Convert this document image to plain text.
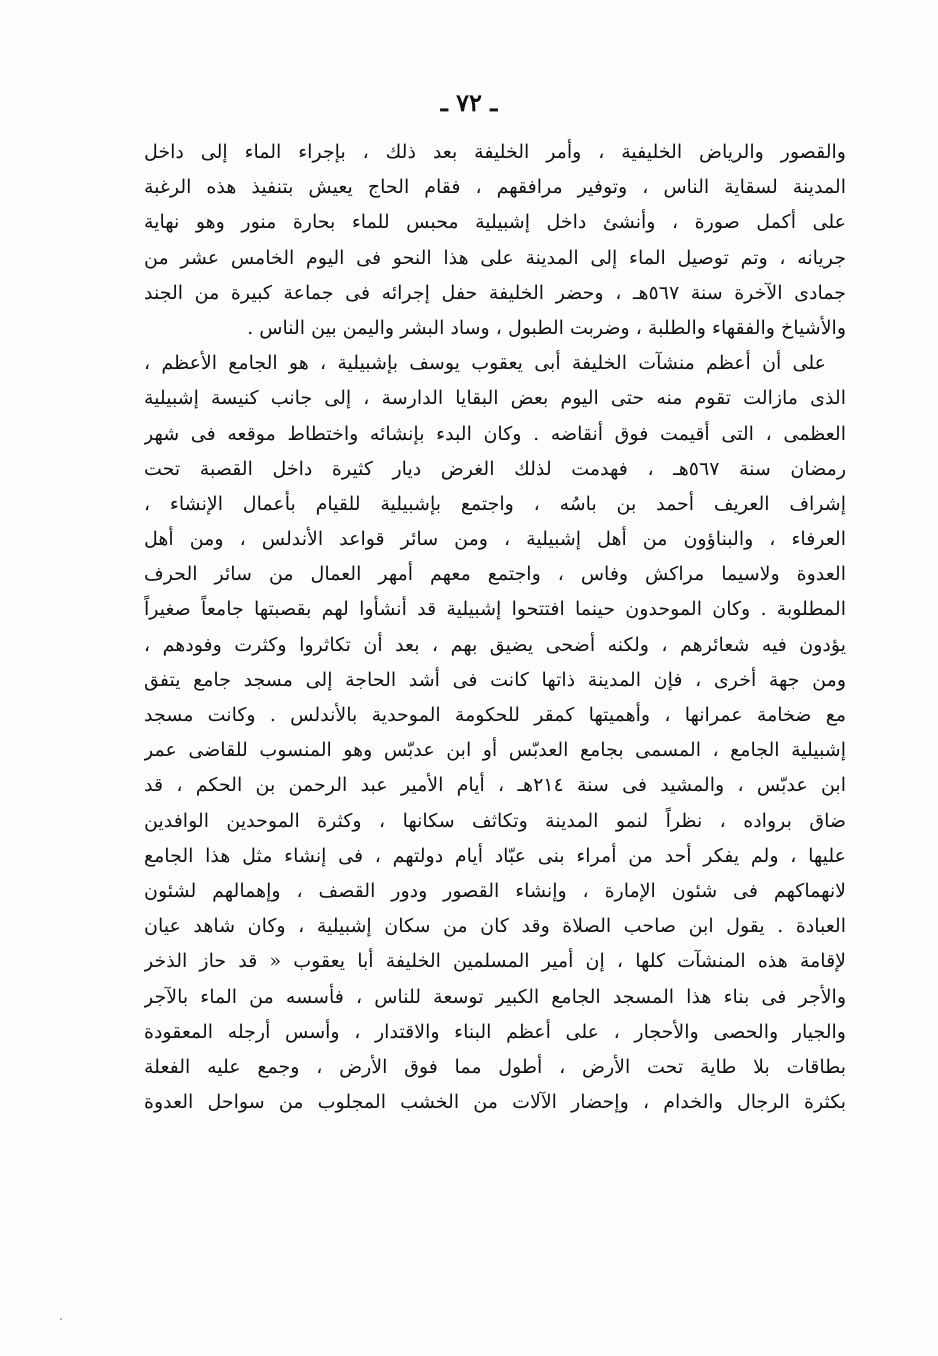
ـ ٧٢ ـ
والقصور والرياض الخليفية ، وأمر الخليفة بعد ذلك ، بإجراء الماء إلى داخل
المدينة لسقاية الناس ، وتوفير مرافقهم ، فقام الحاج يعيش بتنفيذ هذه الرغبة
على أكمل صورة ، وأنشئ داخل إشبيلية محبس للماء بحارة منور وهو نهاية
جريانه ، وتم توصيل الماء إلى المدينة على هذا النحو فى اليوم الخامس عشر من
جمادى الآخرة سنة ٥٦٧هـ ، وحضر الخليفة حفل إجرائه فى جماعة كبيرة من الجند
والأشياخ والفقهاء والطلبة ، وضربت الطبول ، وساد البشر واليمن بين الناس .
على أن أعظم منشآت الخليفة أبى يعقوب يوسف بإشبيلية ، هو الجامع الأعظم ،
الذى مازالت تقوم منه حتى اليوم بعض البقايا الدارسة ، إلى جانب كنيسة إشبيلية
العظمى ، التى أقيمت فوق أنقاضه . وكان البدء بإنشائه واختطاط موقعه فى شهر
رمضان سنة ٥٦٧هـ ، فهدمت لذلك الغرض ديار كثيرة داخل القصبة تحت
إشراف العريف أحمد بن باسُه ، واجتمع بإشبيلية للقيام بأعمال الإنشاء ،
العرفاء ، والبناؤون من أهل إشبيلية ، ومن سائر قواعد الأندلس ، ومن أهل
العدوة ولاسيما مراكش وفاس ، واجتمع معهم أمهر العمال من سائر الحرف
المطلوبة . وكان الموحدون حينما افتتحوا إشبيلية قد أنشأوا لهم بقصبتها جامعاً صغيراً
يؤدون فيه شعائرهم ، ولكنه أضحى يضيق بهم ، بعد أن تكاثروا وكثرت وفودهم ،
ومن جهة أخرى ، فإن المدينة ذاتها كانت فى أشد الحاجة إلى مسجد جامع يتفق
مع ضخامة عمرانها ، وأهميتها كمقر للحكومة الموحدية بالأندلس . وكانت مسجد
إشبيلية الجامع ، المسمى بجامع العدبّس أو ابن عدبّس وهو المنسوب للقاضى عمر
ابن عدبّس ، والمشيد فى سنة ٢١٤هـ ، أيام الأمير عبد الرحمن بن الحكم ، قد
ضاق برواده ، نظراً لنمو المدينة وتكاثف سكانها ، وكثرة الموحدين الوافدين
عليها ، ولم يفكر أحد من أمراء بنى عبّاد أيام دولتهم ، فى إنشاء مثل هذا الجامع
لانهماكهم فى شئون الإمارة ، وإنشاء القصور ودور القصف ، وإهمالهم لشئون
العبادة . يقول ابن صاحب الصلاة وقد كان من سكان إشبيلية ، وكان شاهد عيان
لإقامة هذه المنشآت كلها ، إن أمير المسلمين الخليفة أبا يعقوب « قد حاز الذخر
والأجر فى بناء هذا المسجد الجامع الكبير توسعة للناس ، فأسسه من الماء بالآجر
والجيار والحصى والأحجار ، على أعظم البناء والاقتدار ، وأسس أرجله المعقودة
بطاقات بلا طاية تحت الأرض ، أطول مما فوق الأرض ، وجمع عليه الفعلة
بكثرة الرجال والخدام ، وإحضار الآلات من الخشب المجلوب من سواحل العدوة
